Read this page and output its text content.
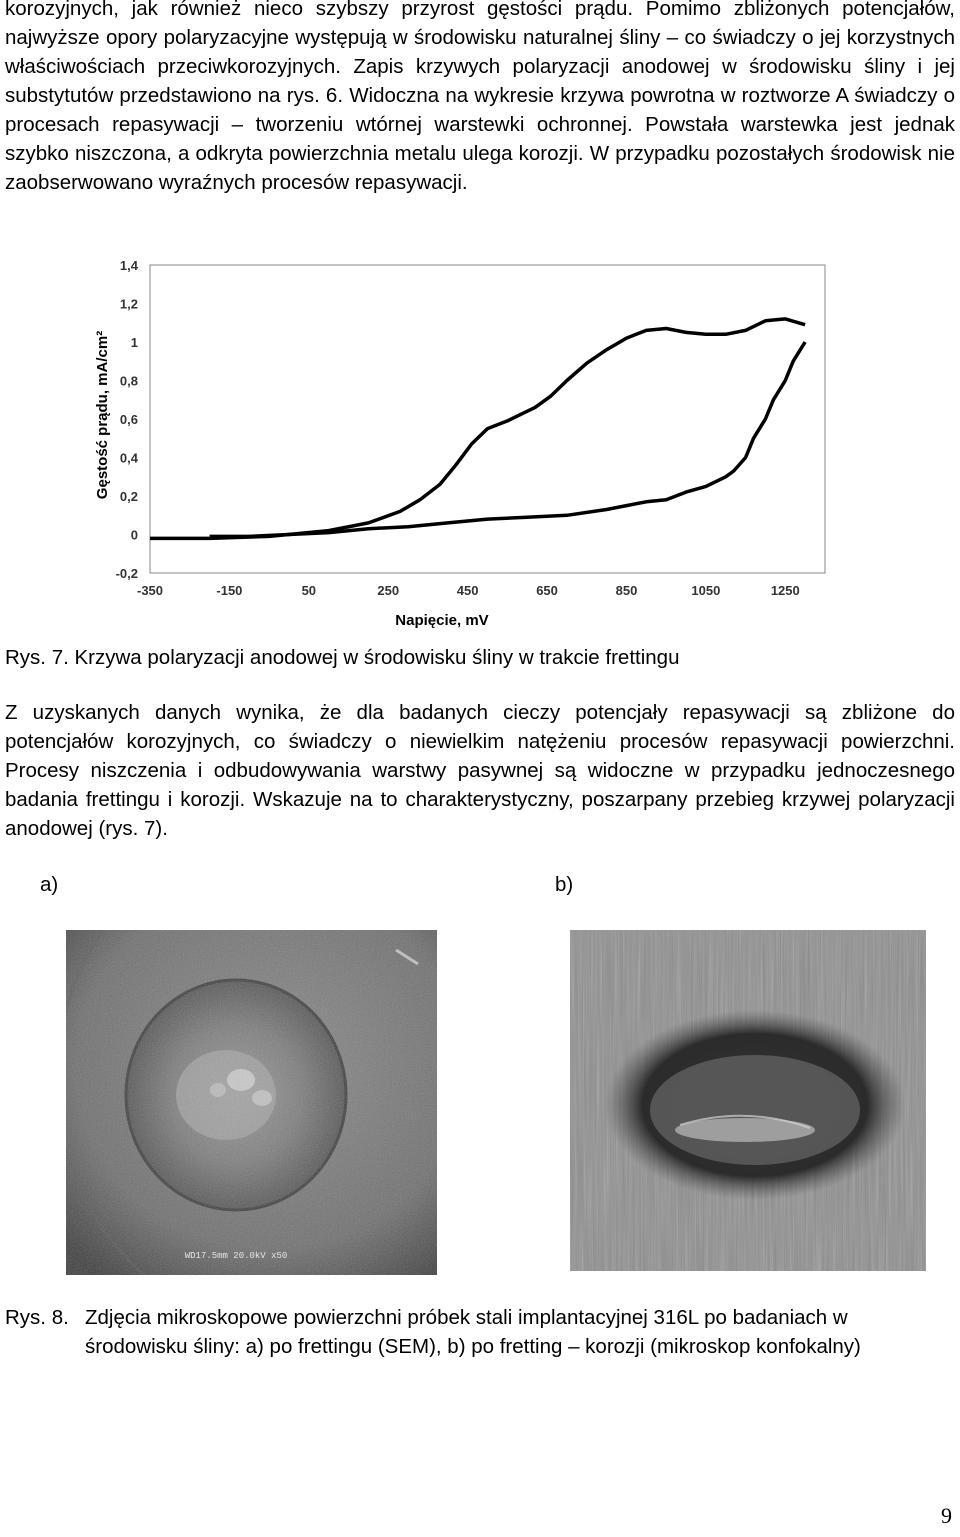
korozyjnych, jak również nieco szybszy przyrost gęstości prądu. Pomimo zbliżonych potencjałów, najwyższe opory polaryzacyjne występują w środowisku naturalnej śliny – co świadczy o jej korzystnych właściwościach przeciwkorozyjnych. Zapis krzywych polaryzacji anodowej w środowisku śliny i jej substytutów przedstawiono na rys. 6. Widoczna na wykresie krzywa powrotna w roztworze A świadczy o procesach repasywacji – tworzeniu wtórnej warstewki ochronnej. Powstała warstewka jest jednak szybko niszczona, a odkryta powierzchnia metalu ulega korozji. W przypadku pozostałych środowisk nie zaobserwowano wyraźnych procesów repasywacji.

-0,2
0
0,2
0,4
0,6
0,8
1
1,2
1,4
-350	-150	50	250	450	650	850	1050	1250
Gęstość prądu, mA/cm²
Napięcie, mV

Rys. 7. Krzywa polaryzacji anodowej w środowisku śliny w trakcie frettingu

Z uzyskanych danych wynika, że dla badanych cieczy potencjały repasywacji są zbliżone do potencjałów korozyjnych, co świadczy o niewielkim natężeniu procesów repasywacji powierzchni. Procesy niszczenia i odbudowywania warstwy pasywnej są widoczne w przypadku jednoczesnego badania frettingu i korozji. Wskazuje na to charakterystyczny, poszarpany przebieg krzywej polaryzacji anodowej (rys. 7).

a)	b)
WD17.5mm 20.0kV x50
Rys. 8. Zdjęcia mikroskopowe powierzchni próbek stali implantacyjnej 316L po badaniach w środowisku śliny: a) po frettingu (SEM), b) po fretting – korozji (mikroskop konfokalny)
9
